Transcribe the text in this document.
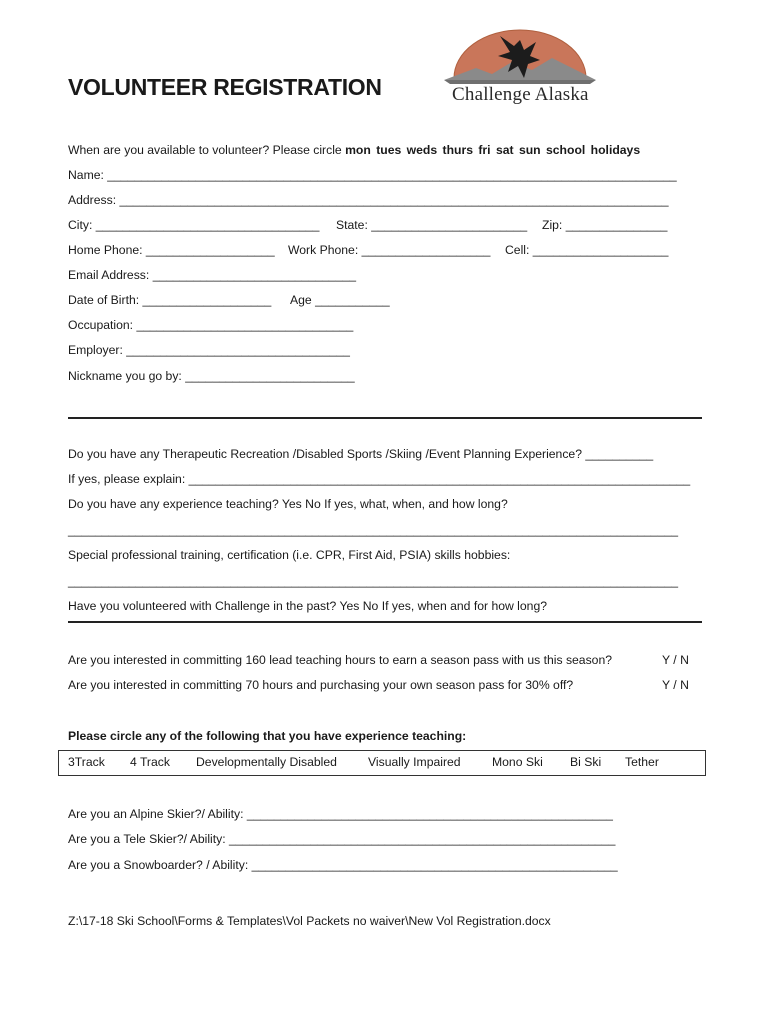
VOLUNTEER REGISTRATION	Challenge Alaska
When are you available to volunteer? Please circle mon tues weds thurs fri sat sun school holidays
Name: ____________________________________________________________________________________
Address: _________________________________________________________________________________
City: _________________________________ State: _______________________ Zip: _______________
Home Phone: ___________________ Work Phone: ___________________ Cell: ____________________
Email Address: ______________________________
Date of Birth: ___________________ Age ___________
Occupation: ________________________________
Employer: _________________________________
Nickname you go by: _________________________
Do you have any Therapeutic Recreation /Disabled Sports /Skiing /Event Planning Experience? __________
If yes, please explain: __________________________________________________________________________
Do you have any experience teaching? Yes No If yes, what, when, and how long?
__________________________________________________________________________________________
Special professional training, certification (i.e. CPR, First Aid, PSIA) skills hobbies:
__________________________________________________________________________________________
Have you volunteered with Challenge in the past? Yes No If yes, when and for how long?
Are you interested in committing 160 lead teaching hours to earn a season pass with us this season?	Y / N
Are you interested in committing 70 hours and purchasing your own season pass for 30% off?	Y / N
Please circle any of the following that you have experience teaching:
3Track 4 Track Developmentally Disabled	Visually Impaired	Mono Ski Bi Ski Tether
Are you an Alpine Skier?/ Ability: ______________________________________________________
Are you a Tele Skier?/ Ability: _________________________________________________________
Are you a Snowboarder? / Ability: ______________________________________________________
Z:\17-18 Ski School\Forms & Templates\Vol Packets no waiver\New Vol Registration.docx
